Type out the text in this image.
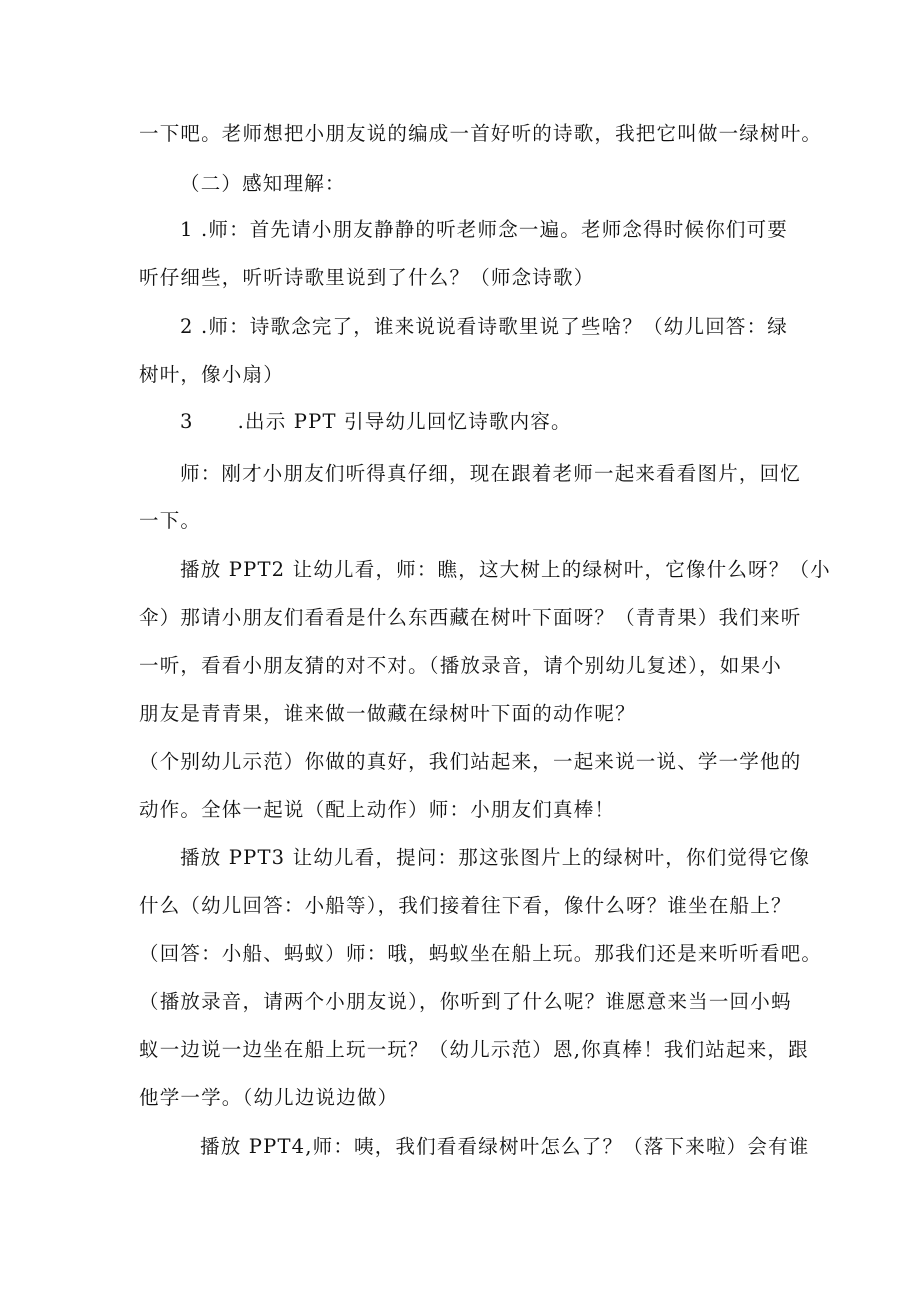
一下吧。老师想把小朋友说的编成一首好听的诗歌，我把它叫做一绿树叶。
（二）感知理解：
1 .师：首先请小朋友静静的听老师念一遍。老师念得时候你们可要
听仔细些，听听诗歌里说到了什么？（师念诗歌）
2 .师：诗歌念完了，谁来说说看诗歌里说了些啥？（幼儿回答：绿
树叶，像小扇）
3 .出示 PPT 引导幼儿回忆诗歌内容。
师：刚才小朋友们听得真仔细，现在跟着老师一起来看看图片，回忆
一下。
播放 PPT2 让幼儿看，师：瞧，这大树上的绿树叶，它像什么呀？（小
伞）那请小朋友们看看是什么东西藏在树叶下面呀？（青青果）我们来听
一听，看看小朋友猜的对不对。（播放录音，请个别幼儿复述），如果小
朋友是青青果，谁来做一做藏在绿树叶下面的动作呢？
（个别幼儿示范）你做的真好，我们站起来，一起来说一说、学一学他的
动作。全体一起说（配上动作）师：小朋友们真棒！
播放 PPT3 让幼儿看，提问：那这张图片上的绿树叶，你们觉得它像
什么（幼儿回答：小船等），我们接着往下看，像什么呀？谁坐在船上？
（回答：小船、蚂蚁）师：哦，蚂蚁坐在船上玩。那我们还是来听听看吧。
（播放录音，请两个小朋友说），你听到了什么呢？谁愿意来当一回小蚂
蚁一边说一边坐在船上玩一玩？（幼儿示范）恩,你真棒！我们站起来，跟
他学一学。（幼儿边说边做）
播放 PPT4,师：咦，我们看看绿树叶怎么了？（落下来啦）会有谁
